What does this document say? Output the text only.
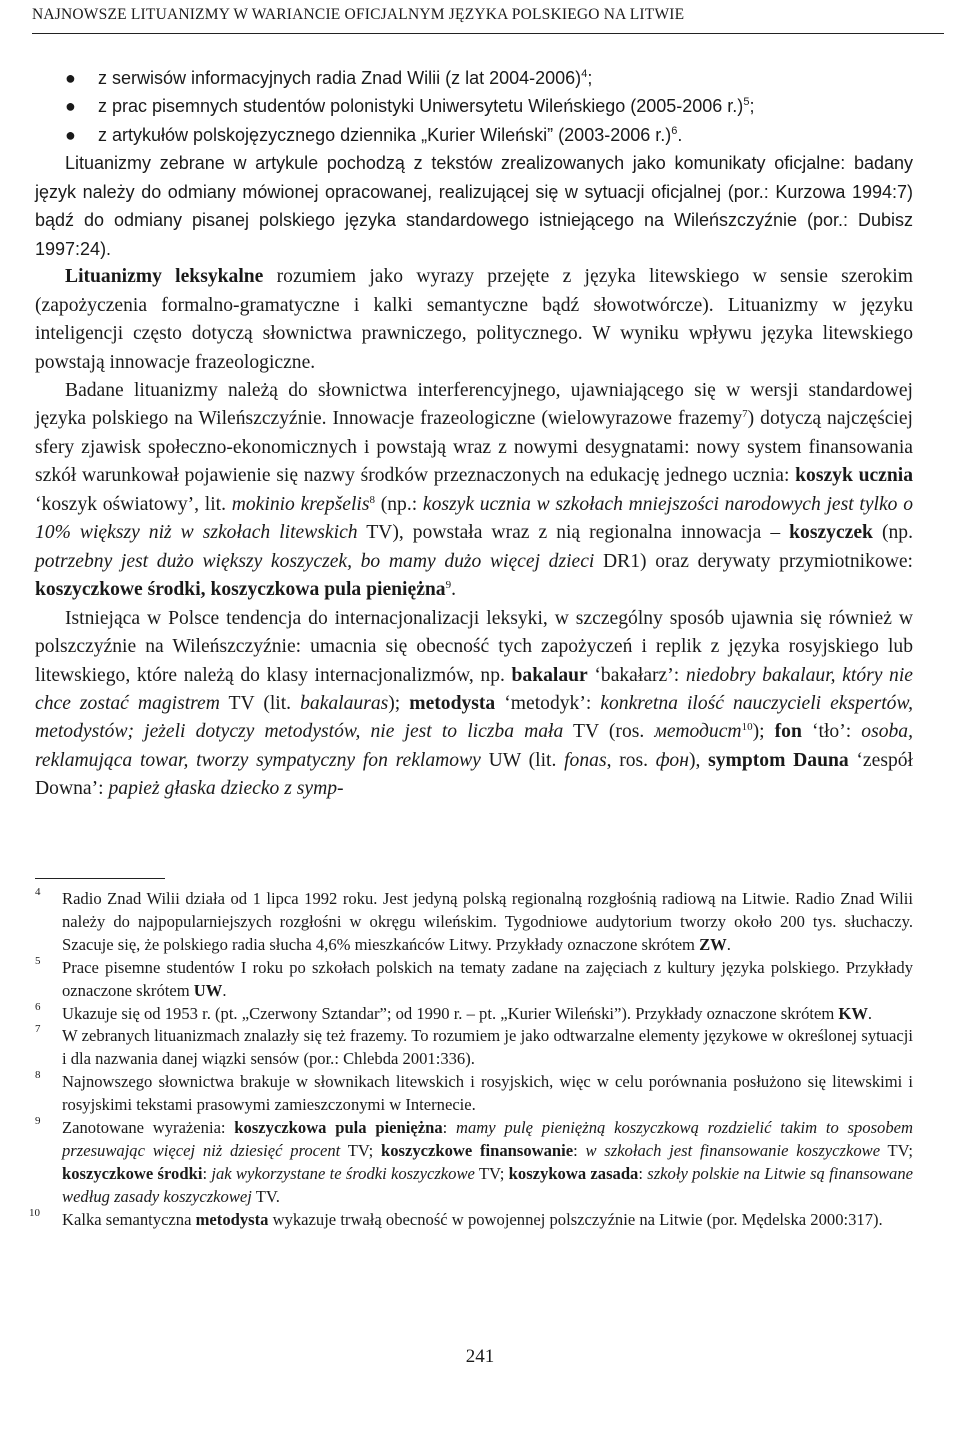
NAJNOWSZE LITUANIZMY W WARIANCIE OFICJALNYM JĘZYKA POLSKIEGO NA LITWIE
● z serwisów informacyjnych radia Znad Wilii (z lat 2004-2006)$^4$;
● z prac pisemnych studentów polonistyki Uniwersytetu Wileńskiego (2005-2006 r.)$^5$;
● z artykułów polskojęzycznego dziennika „Kurier Wileński” (2003-2006 r.)$^6$.

Lituanizmy zebrane w artykule pochodzą z tekstów zrealizowanych jako komunikaty oficjalne: badany język należy do odmiany mówionej opracowanej, realizującej się w sytuacji oficjalnej (por.: Kurzowa 1994:7) bądź do odmiany pisanej polskiego języka standardowego istniejącego na Wileńszczyźnie (por.: Dubisz 1997:24).

Lituanizmy leksykalne rozumiem jako wyrazy przejęte z języka litewskiego w sensie szerokim (zapożyczenia formalno-gramatyczne i kalki semantyczne bądź słowotwórcze). Lituanizmy w języku inteligencji często dotyczą słownictwa prawniczego, politycznego. W wyniku wpływu języka litewskiego powstają innowacje frazeologiczne.

Badane lituanizmy należą do słownictwa interferencyjnego, ujawniającego się w wersji standardowej języka polskiego na Wileńszczyźnie. Innowacje frazeologiczne (wielowyrazowe frazemy$^7$) dotyczą najczęściej sfery zjawisk społeczno-ekonomicznych i powstają wraz z nowymi desygnatami: nowy system finansowania szkół warunkował pojawienie się nazwy środków przeznaczonych na edukację jednego ucznia: koszyk ucznia ‘koszyk oświatowy’, lit. mokinio krepšelis$^8$ (np.: koszyk ucznia w szkołach mniejszości narodowych jest tylko o 10% większy niż w szkołach litewskich TV), powstała wraz z nią regionalna innowacja – koszyczek (np. potrzebny jest dużo większy koszyczek, bo mamy dużo więcej dzieci DR1) oraz derywaty przymiotnikowe: koszyczkowe środki, koszyczkowa pula pieniężna$^9$.

Istniejąca w Polsce tendencja do internacjonalizacji leksyki, w szczególny sposób ujawnia się również w polszczyźnie na Wileńszczyźnie: umacnia się obecność tych zapożyczeń i replik z języka rosyjskiego lub litewskiego, które należą do klasy internacjonalizmów, np. bakalaur ‘bakałarz’: niedobry bakalaur, który nie chce zostać magistrem TV (lit. bakalauras); metodysta ‘metodyk’: konkretna ilość nauczycieli ekspertów, metodystów; jeżeli dotyczy metodystów, nie jest to liczba mała TV (ros. методист$^{10}$); fon ‘tło’: osoba, reklamująca towar, tworzy sympatyczny fon reklamowy UW (lit. fonas, ros. фон), symptom Dauna ‘zespół Downa’: papież głaska dziecko z symp-

4 Radio Znad Wilii działa od 1 lipca 1992 roku. Jest jedyną polską regionalną rozgłośnią radiową na Litwie. Radio Znad Wilii należy do najpopularniejszych rozgłośni w okręgu wileńskim. Tygodniowe audytorium tworzy około 200 tys. słuchaczy. Szacuje się, że polskiego radia słucha 4,6% mieszkańców Litwy. Przykłady oznaczone skrótem ZW.
5 Prace pisemne studentów I roku po szkołach polskich na tematy zadane na zajęciach z kultury języka polskiego. Przykłady oznaczone skrótem UW.
6 Ukazuje się od 1953 r. (pt. „Czerwony Sztandar”; od 1990 r. – pt. „Kurier Wileński”). Przykłady oznaczone skrótem KW.
7 W zebranych lituanizmach znalazły się też frazemy. To rozumiem je jako odtwarzalne elementy językowe w określonej sytuacji i dla nazwania danej wiązki sensów (por.: Chlebda 2001:336).
8 Najnowszego słownictwa brakuje w słownikach litewskich i rosyjskich, więc w celu porównania posłużono się litewskimi i rosyjskimi tekstami prasowymi zamieszczonymi w Internecie.
9 Zanotowane wyrażenia: koszyczkowa pula pieniężna: mamy pulę pieniężną koszyczkową rozdzielić takim to sposobem przesuwając więcej niż dziesięć procent TV; koszyczkowe finansowanie: w szkołach jest finansowanie koszyczkowe TV; koszyczkowe środki: jak wykorzystane te środki koszyczkowe TV; koszykowa zasada: szkoły polskie na Litwie są finansowane według zasady koszyczkowej TV.
10 Kalka semantyczna metodysta wykazuje trwałą obecność w powojennej polszczyźnie na Litwie (por. Mędelska 2000:317).
241
